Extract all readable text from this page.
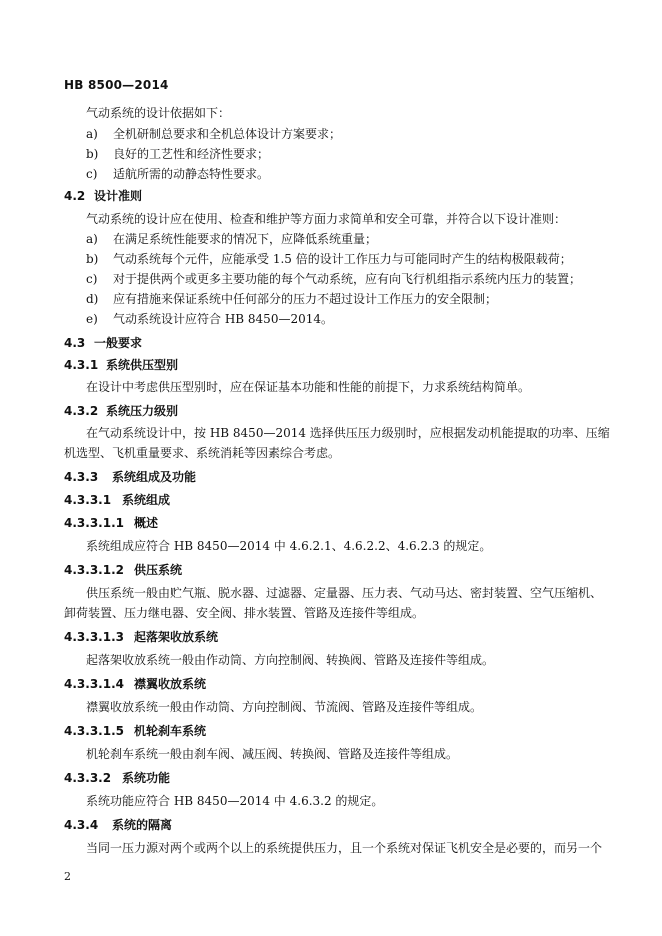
HB 8500—2014
气动系统的设计依据如下：
a) 全机研制总要求和全机总体设计方案要求；
b) 良好的工艺性和经济性要求；
c) 适航所需的动静态特性要求。
4.2 设计准则
气动系统的设计应在使用、检查和维护等方面力求简单和安全可靠，并符合以下设计准则：
a) 在满足系统性能要求的情况下，应降低系统重量；
b) 气动系统每个元件，应能承受 1.5 倍的设计工作压力与可能同时产生的结构极限载荷；
c) 对于提供两个或更多主要功能的每个气动系统，应有向飞行机组指示系统内压力的装置；
d) 应有措施来保证系统中任何部分的压力不超过设计工作压力的安全限制；
e) 气动系统设计应符合 HB 8450—2014。
4.3 一般要求
4.3.1 系统供压型别
在设计中考虑供压型别时，应在保证基本功能和性能的前提下，力求系统结构简单。
4.3.2 系统压力级别
在气动系统设计中，按 HB 8450—2014 选择供压压力级别时，应根据发动机能提取的功率、压缩
机选型、飞机重量要求、系统消耗等因素综合考虑。
4.3.3 系统组成及功能
4.3.3.1 系统组成
4.3.3.1.1 概述
系统组成应符合 HB 8450—2014 中 4.6.2.1、4.6.2.2、4.6.2.3 的规定。
4.3.3.1.2 供压系统
供压系统一般由贮气瓶、脱水器、过滤器、定量器、压力表、气动马达、密封装置、空气压缩机、
卸荷装置、压力继电器、安全阀、排水装置、管路及连接件等组成。
4.3.3.1.3 起落架收放系统
起落架收放系统一般由作动筒、方向控制阀、转换阀、管路及连接件等组成。
4.3.3.1.4 襟翼收放系统
襟翼收放系统一般由作动筒、方向控制阀、节流阀、管路及连接件等组成。
4.3.3.1.5 机轮刹车系统
机轮刹车系统一般由刹车阀、减压阀、转换阀、管路及连接件等组成。
4.3.3.2 系统功能
系统功能应符合 HB 8450—2014 中 4.6.3.2 的规定。
4.3.4 系统的隔离
当同一压力源对两个或两个以上的系统提供压力，且一个系统对保证飞机安全是必要的，而另一个
2
